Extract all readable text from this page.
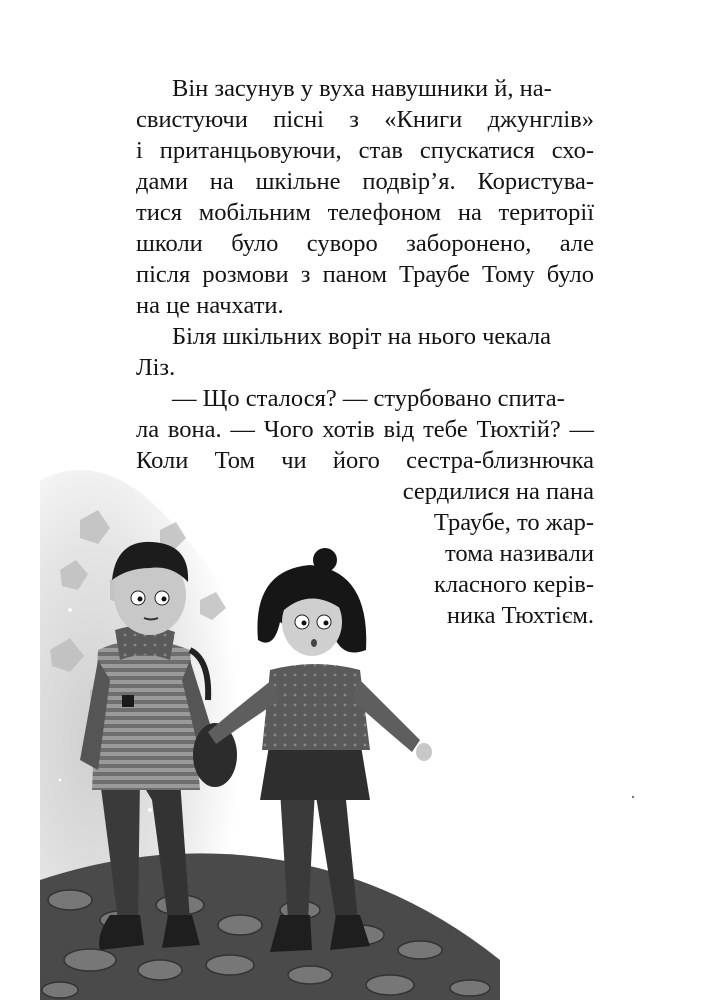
Він засунув у вуха навушники й, на-
свистуючи пісні з «Книги джунглів»
і пританцьовуючи, став спускатися схо-
дами на шкільне подвір’я. Користува-
тися мобільним телефоном на території
школи було суворо заборонено, але
після розмови з паном Траубе Тому було
на це начхати.
Біля шкільних воріт на нього чекала
Ліз.
— Що сталося? — стурбовано спита-
ла вона. — Чого хотів від тебе Тюхтій? —
Коли Том чи його сестра-близнючка
сердилися на пана
Траубе, то жар-
тома називали
класного керів-
ника Тюхтієм.
